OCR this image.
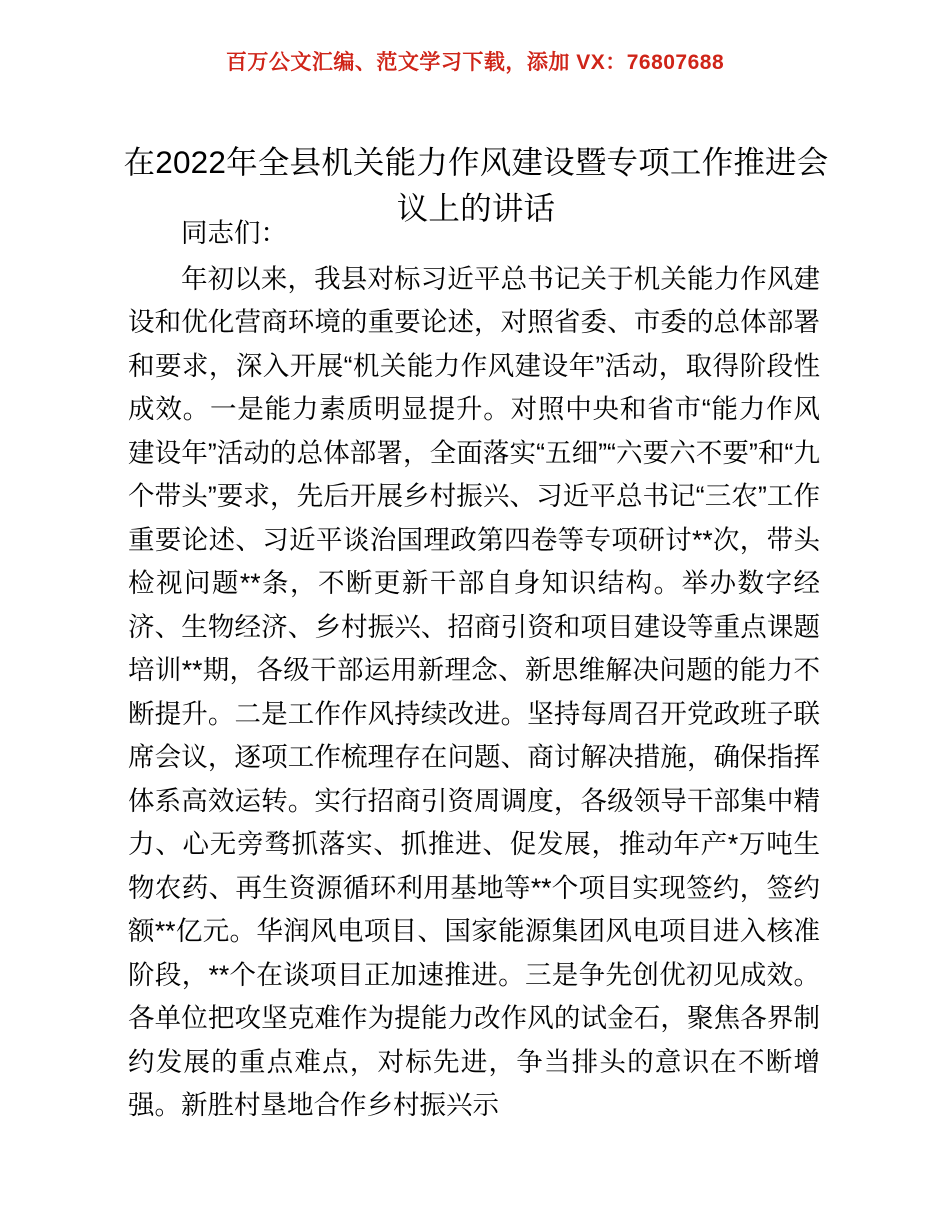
百万公文汇编、范文学习下载，添加 VX：76807688
在2022年全县机关能力作风建设暨专项工作推进会议上的讲话

同志们：

年初以来，我县对标习近平总书记关于机关能力作风建设和优化营商环境的重要论述，对照省委、市委的总体部署和要求，深入开展“机关能力作风建设年”活动，取得阶段性成效。一是能力素质明显提升。对照中央和省市“能力作风建设年”活动的总体部署，全面落实“五细”“六要六不要”和“九个带头”要求，先后开展乡村振兴、习近平总书记“三农”工作重要论述、习近平谈治国理政第四卷等专项研讨**次，带头检视问题**条，不断更新干部自身知识结构。举办数字经济、生物经济、乡村振兴、招商引资和项目建设等重点课题培训**期，各级干部运用新理念、新思维解决问题的能力不断提升。二是工作作风持续改进。坚持每周召开党政班子联席会议，逐项工作梳理存在问题、商讨解决措施，确保指挥体系高效运转。实行招商引资周调度，各级领导干部集中精力、心无旁骛抓落实、抓推进、促发展，推动年产*万吨生物农药、再生资源循环利用基地等**个项目实现签约，签约额**亿元。华润风电项目、国家能源集团风电项目进入核准阶段，**个在谈项目正加速推进。三是争先创优初见成效。各单位把攻坚克难作为提能力改作风的试金石，聚焦各界制约发展的重点难点，对标先进，争当排头的意识在不断增强。新胜村垦地合作乡村振兴示
